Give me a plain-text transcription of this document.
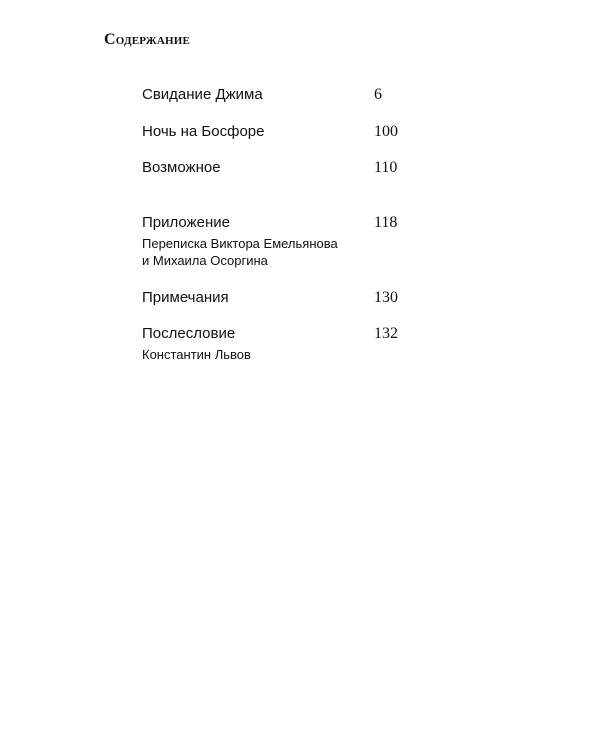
Содержание
Свидание Джима	6
Ночь на Босфоре	100
Возможное	110
Приложение	118
Переписка Виктора Емельянова
и Михаила Осоргина
Примечания	130
Послесловие	132
Константин Львов
